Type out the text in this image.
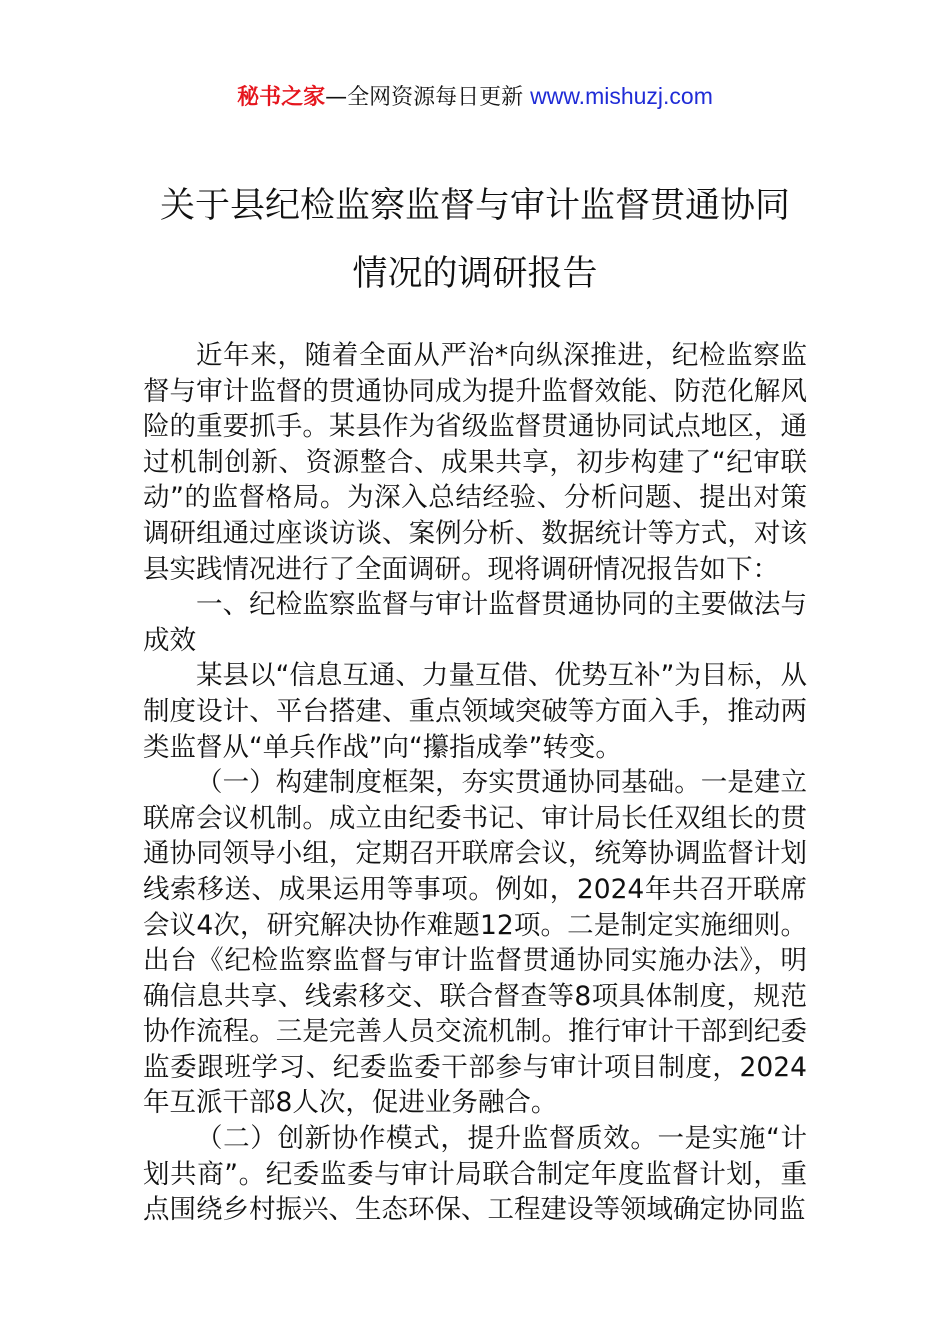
秘书之家—全网资源每日更新 www.mishuzj.com
关于县纪检监察监督与审计监督贯通协同
情况的调研报告

近年来，随着全面从严治*向纵深推进，纪检监察监督与审计监督的贯通协同成为提升监督效能、防范化解风险的重要抓手。某县作为省级监督贯通协同试点地区，通过机制创新、资源整合、成果共享，初步构建了“纪审联动”的监督格局。为深入总结经验、分析问题、提出对策调研组通过座谈访谈、案例分析、数据统计等方式，对该县实践情况进行了全面调研。现将调研情况报告如下：

一、纪检监察监督与审计监督贯通协同的主要做法与成效

某县以“信息互通、力量互借、优势互补”为目标，从制度设计、平台搭建、重点领域突破等方面入手，推动两类监督从“单兵作战”向“攥指成拳”转变。

（一）构建制度框架，夯实贯通协同基础。一是建立联席会议机制。成立由纪委书记、审计局长任双组长的贯通协同领导小组，定期召开联席会议，统筹协调监督计划线索移送、成果运用等事项。例如，2024年共召开联席会议4次，研究解决协作难题12项。二是制定实施细则。出台《纪检监察监督与审计监督贯通协同实施办法》，明确信息共享、线索移交、联合督查等8项具体制度，规范协作流程。三是完善人员交流机制。推行审计干部到纪委监委跟班学习、纪委监委干部参与审计项目制度，2024年互派干部8人次，促进业务融合。

（二）创新协作模式，提升监督质效。一是实施“计划共商”。纪委监委与审计局联合制定年度监督计划，重点围绕乡村振兴、生态环保、工程建设等领域确定协同监
